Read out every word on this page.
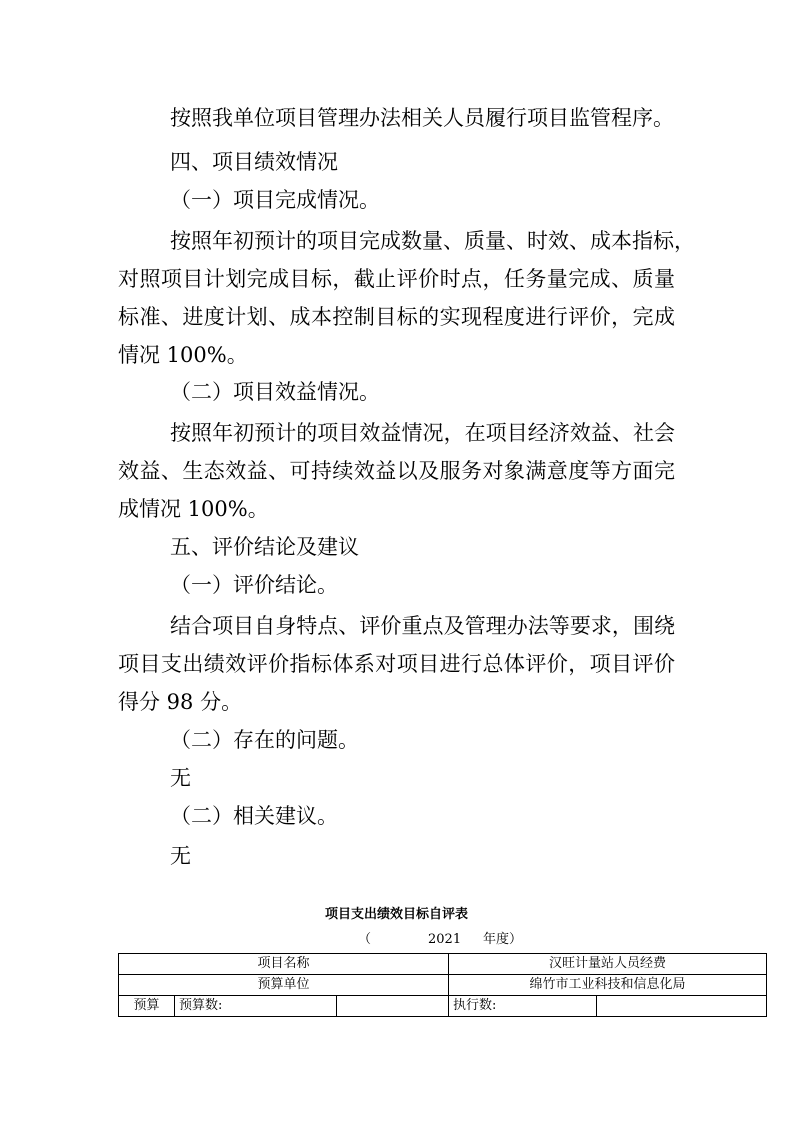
按照我单位项目管理办法相关人员履行项目监管程序。
四、项目绩效情况
（一）项目完成情况。
按照年初预计的项目完成数量、质量、时效、成本指标，
对照项目计划完成目标，截止评价时点，任务量完成、质量
标准、进度计划、成本控制目标的实现程度进行评价，完成
情况 100%。
（二）项目效益情况。
按照年初预计的项目效益情况，在项目经济效益、社会
效益、生态效益、可持续效益以及服务对象满意度等方面完
成情况 100%。
五、评价结论及建议
（一）评价结论。
结合项目自身特点、评价重点及管理办法等要求，围绕
项目支出绩效评价指标体系对项目进行总体评价，项目评价
得分 98 分。
（二）存在的问题。
无
（二）相关建议。
无
项目支出绩效目标自评表
（	2021 年度）
项目名称			汉旺计量站人员经费	
预算单位			绵竹市工业科技和信息化局	
预算	预算数:		执行数:	
